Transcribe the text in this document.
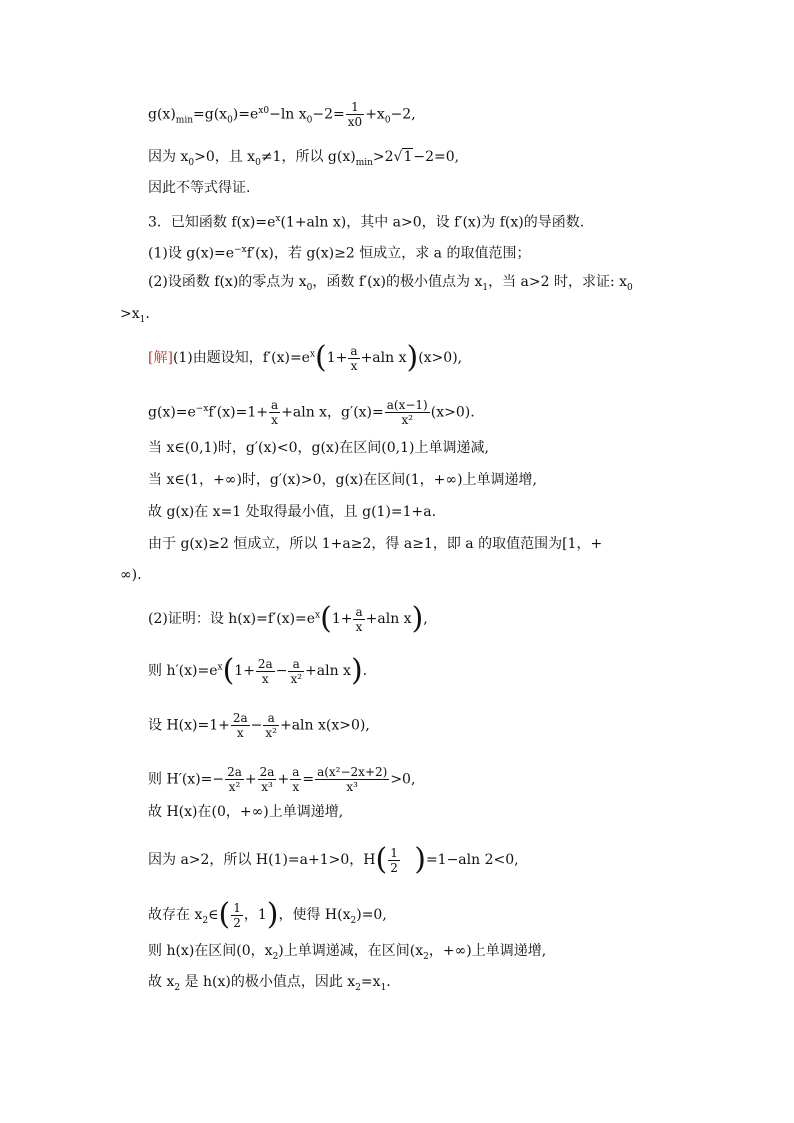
$g(x)_{min}=g(x_0)=e^{x0}-\ln$ $x_0-2= \frac{1}{x0} +x_0-2$,
因为 $x_0>0$，且 $x_0\ne 1$，所以 $g(x)_{min}>2√1-2=0$,
因此不等式得证.
3．已知函数 $f(x)=e^x(1+aln$ x)，其中 a>0，设 f′(x)为 f(x)的导函数.
(1)设 $g(x)=e^{-x}f'(x)$，若 g(x)≥2 恒成立，求 a 的取值范围；
(2)设函数 f(x)的零点为 $x_0$，函数 f′(x)的极小值点为 $x_1$，当 a>2 时，求证: $x_0$
$>x_1$.
[解](1)由题设知，$f'(x)=e^x(1+ \frac{a}{x} +aln$ x)(x>0),
$g(x)=e^{-x}f'(x)=1+ \frac{a}{x} +aln$ x，$g'(x)= \frac{a(x-1)}{\text{x²}} (x>0)$.
当 x∈(0,1)时，g′(x)<0，g(x)在区间(0,1)上单调递减,
当 x∈(1，+∞)时，g′(x)>0，g(x)在区间(1，+∞)上单调递增,
故 g(x)在 x=1 处取得最小值，且 g(1)=1+a.
由于 g(x)≥2 恒成立，所以 1+a≥2，得 a≥1，即 a 的取值范围为[1，+
∞).
(2)证明：设 $h(x)=f'(x)=e^x(1+ \frac{a}{x} +aln$ x),
则 $h'(x)=e^x(1+ \frac{2a}{x} - \frac{a}{\text{x²}} +aln$ x).
设 $H(x)=1+ \frac{2a}{x} - \frac{a}{\text{x²}} +aln$ x(x>0),
则 $H'(x)=- \frac{2a}{\text{x²}} + \frac{2a}{\text{x³}} + \frac{a}{x} = \frac{\text{a(x²−2x+2)}}{\text{x³}} >0$,
故 H(x)在(0，+∞)上单调递增,
因为 a>2，所以 H(1)=a+1>0，$H( \frac{1}{2} )=1-aln$ 2<0,
故存在 $x_2\in( \frac{1}{2}$ ，1)，使得 $H(x_2)=0$,
则 h(x)在区间(0，$x_2$)上单调递减，在区间($x_2$，+∞)上单调递增,
故 $x_2$ 是 h(x)的极小值点，因此 $x_2=x_1$.
